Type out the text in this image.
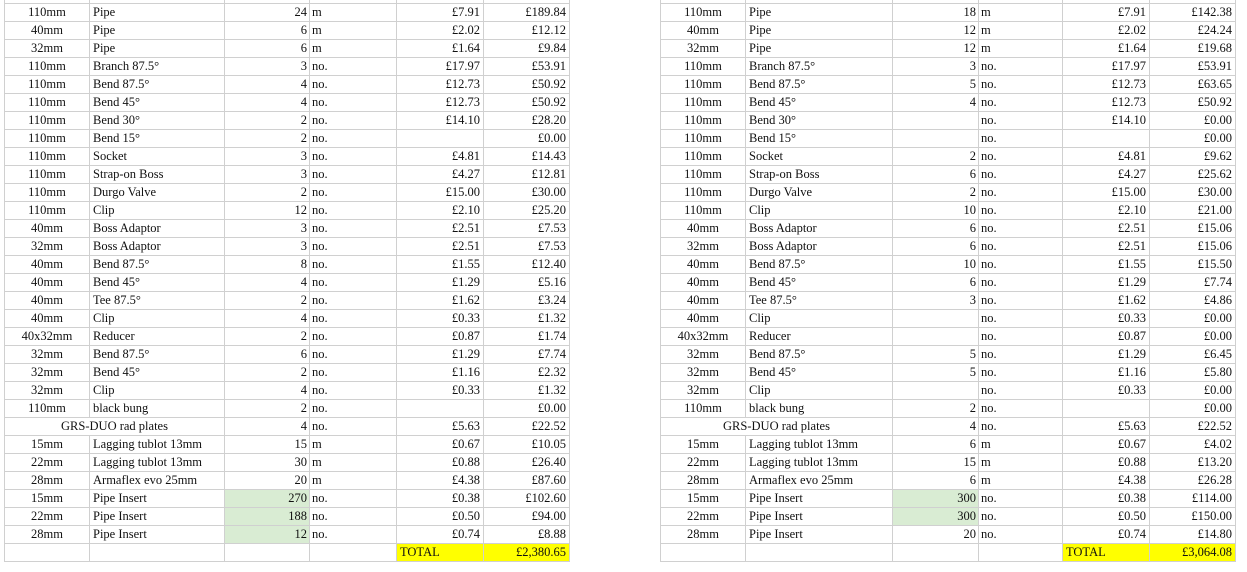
110mm	Pipe	24	m	£7.91	£189.84
40mm	Pipe	6	m	£2.02	£12.12
32mm	Pipe	6	m	£1.64	£9.84
110mm	Branch 87.5°	3	no.	£17.97	£53.91
110mm	Bend 87.5°	4	no.	£12.73	£50.92
110mm	Bend 45°	4	no.	£12.73	£50.92
110mm	Bend 30°	2	no.	£14.10	£28.20
110mm	Bend 15°	2	no.		£0.00
110mm	Socket	3	no.	£4.81	£14.43
110mm	Strap-on Boss	3	no.	£4.27	£12.81
110mm	Durgo Valve	2	no.	£15.00	£30.00
110mm	Clip	12	no.	£2.10	£25.20
40mm	Boss Adaptor	3	no.	£2.51	£7.53
32mm	Boss Adaptor	3	no.	£2.51	£7.53
40mm	Bend 87.5°	8	no.	£1.55	£12.40
40mm	Bend 45°	4	no.	£1.29	£5.16
40mm	Tee 87.5°	2	no.	£1.62	£3.24
40mm	Clip	4	no.	£0.33	£1.32
40x32mm	Reducer	2	no.	£0.87	£1.74
32mm	Bend 87.5°	6	no.	£1.29	£7.74
32mm	Bend 45°	2	no.	£1.16	£2.32
32mm	Clip	4	no.	£0.33	£1.32
110mm	black bung	2	no.		£0.00
GRS-DUO rad plates		4	no.	£5.63	£22.52
15mm	Lagging tublot 13mm	15	m	£0.67	£10.05
22mm	Lagging tublot 13mm	30	m	£0.88	£26.40
28mm	Armaflex evo 25mm	20	m	£4.38	£87.60
15mm	Pipe Insert	270	no.	£0.38	£102.60
22mm	Pipe Insert	188	no.	£0.50	£94.00
28mm	Pipe Insert	12	no.	£0.74	£8.88
				TOTAL	£2,380.65

110mm	Pipe	18	m	£7.91	£142.38
40mm	Pipe	12	m	£2.02	£24.24
32mm	Pipe	12	m	£1.64	£19.68
110mm	Branch 87.5°	3	no.	£17.97	£53.91
110mm	Bend 87.5°	5	no.	£12.73	£63.65
110mm	Bend 45°	4	no.	£12.73	£50.92
110mm	Bend 30°		no.	£14.10	£0.00
110mm	Bend 15°		no.		£0.00
110mm	Socket	2	no.	£4.81	£9.62
110mm	Strap-on Boss	6	no.	£4.27	£25.62
110mm	Durgo Valve	2	no.	£15.00	£30.00
110mm	Clip	10	no.	£2.10	£21.00
40mm	Boss Adaptor	6	no.	£2.51	£15.06
32mm	Boss Adaptor	6	no.	£2.51	£15.06
40mm	Bend 87.5°	10	no.	£1.55	£15.50
40mm	Bend 45°	6	no.	£1.29	£7.74
40mm	Tee 87.5°	3	no.	£1.62	£4.86
40mm	Clip		no.	£0.33	£0.00
40x32mm	Reducer		no.	£0.87	£0.00
32mm	Bend 87.5°	5	no.	£1.29	£6.45
32mm	Bend 45°	5	no.	£1.16	£5.80
32mm	Clip		no.	£0.33	£0.00
110mm	black bung	2	no.		£0.00
GRS-DUO rad plates		4	no.	£5.63	£22.52
15mm	Lagging tublot 13mm	6	m	£0.67	£4.02
22mm	Lagging tublot 13mm	15	m	£0.88	£13.20
28mm	Armaflex evo 25mm	6	m	£4.38	£26.28
15mm	Pipe Insert	300	no.	£0.38	£114.00
22mm	Pipe Insert	300	no.	£0.50	£150.00
28mm	Pipe Insert	20	no.	£0.74	£14.80
				TOTAL	£3,064.08
